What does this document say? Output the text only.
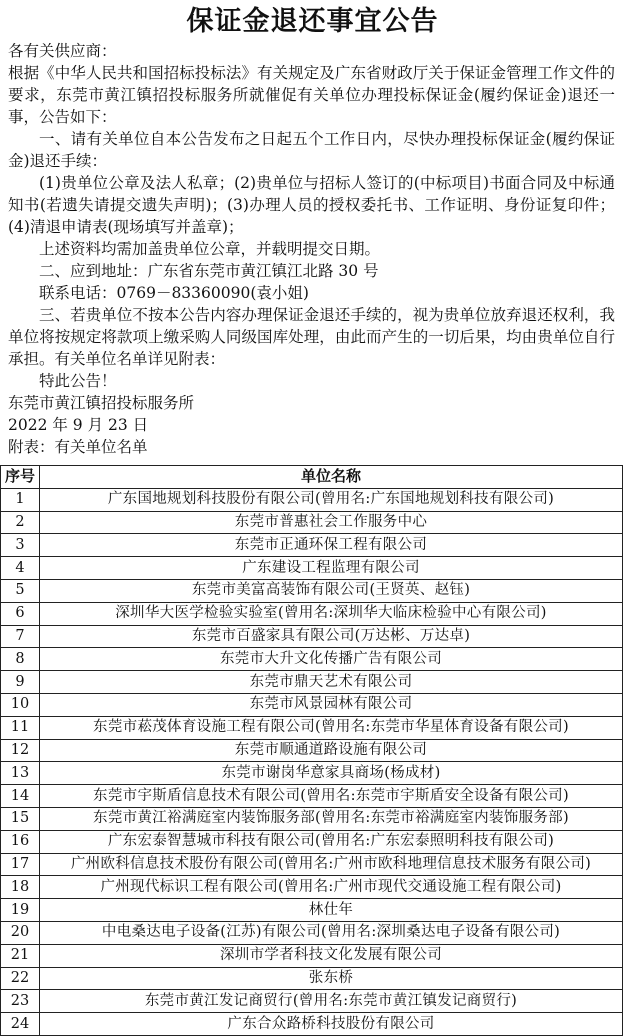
保证金退还事宜公告

各有关供应商：

根据《中华人民共和国招标投标法》有关规定及广东省财政厅关于保证金管理工作文件的要求，东莞市黄江镇招投标服务所就催促有关单位办理投标保证金(履约保证金)退还一事，公告如下：

一、请有关单位自本公告发布之日起五个工作日内，尽快办理投标保证金(履约保证金)退还手续：

(1)贵单位公章及法人私章；(2)贵单位与招标人签订的(中标项目)书面合同及中标通知书(若遗失请提交遗失声明)；(3)办理人员的授权委托书、工作证明、身份证复印件；(4)清退申请表(现场填写并盖章)；

上述资料均需加盖贵单位公章，并载明提交日期。

二、应到地址：广东省东莞市黄江镇江北路 30 号

联系电话：0769－83360090(袁小姐)

三、若贵单位不按本公告内容办理保证金退还手续的，视为贵单位放弃退还权利，我单位将按规定将款项上缴采购人同级国库处理，由此而产生的一切后果，均由贵单位自行承担。有关单位名单详见附表：

特此公告！

东莞市黄江镇招投标服务所

2022 年 9 月 23 日

附表：有关单位名单

序号	单位名称
1	广东国地规划科技股份有限公司(曾用名:广东国地规划科技有限公司)
2	东莞市普惠社会工作服务中心
3	东莞市正通环保工程有限公司
4	广东建设工程监理有限公司
5	东莞市美富高装饰有限公司(王贤英、赵钰)
6	深圳华大医学检验实验室(曾用名:深圳华大临床检验中心有限公司)
7	东莞市百盛家具有限公司(万达彬、万达卓)
8	东莞市大升文化传播广告有限公司
9	东莞市鼎天艺术有限公司
10	东莞市风景园林有限公司
11	东莞市菘茂体育设施工程有限公司(曾用名:东莞市华星体育设备有限公司)
12	东莞市顺通道路设施有限公司
13	东莞市谢岗华意家具商场(杨成材)
14	东莞市宇斯盾信息技术有限公司(曾用名:东莞市宇斯盾安全设备有限公司)
15	东莞市黄江裕满庭室内装饰服务部(曾用名:东莞市裕满庭室内装饰服务部)
16	广东宏泰智慧城市科技有限公司(曾用名:广东宏泰照明科技有限公司)
17	广州欧科信息技术股份有限公司(曾用名:广州市欧科地理信息技术服务有限公司)
18	广州现代标识工程有限公司(曾用名:广州市现代交通设施工程有限公司)
19	林仕年
20	中电桑达电子设备(江苏)有限公司(曾用名:深圳桑达电子设备有限公司)
21	深圳市学者科技文化发展有限公司
22	张东桥
23	东莞市黄江发记商贸行(曾用名:东莞市黄江镇发记商贸行)
24	广东合众路桥科技股份有限公司
